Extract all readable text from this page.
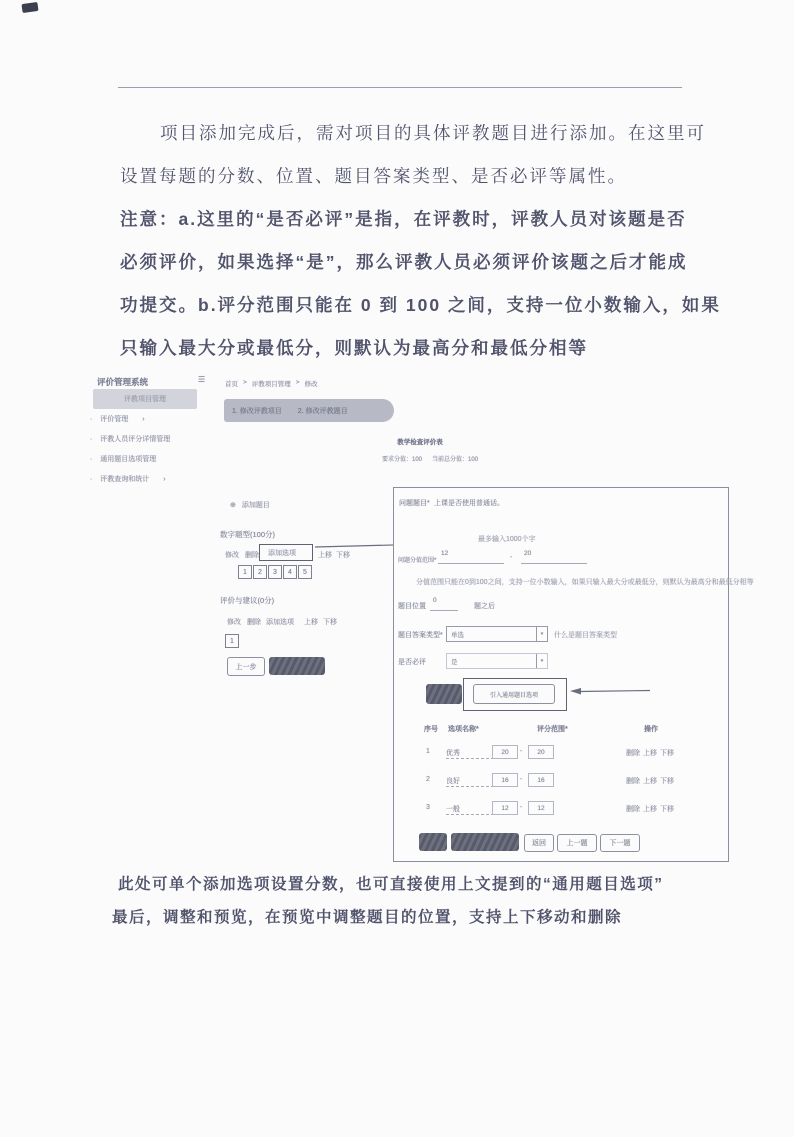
项目添加完成后，需对项目的具体评教题目进行添加。在这里可
设置每题的分数、位置、题目答案类型、是否必评等属性。
注意：a.这里的“是否必评”是指，在评教时，评教人员对该题是否
必须评价，如果选择“是”，那么评教人员必须评价该题之后才能成
功提交。b.评分范围只能在 0 到 100 之间，支持一位小数输入，如果
只输入最大分或最低分，则默认为最高分和最低分相等
评价管理系统	☰
评教项目管理
· 评价管理 ›
· 评教人员评分详情管理
· 通用题目选项管理
· 评教查询和统计 ›
首页 > 评教项目管理 > 修改
1. 修改评教项目 2. 修改评教题目
教学检查评价表
要求分值：100 当前总分值：100
⊕ 添加题目
数字题型(100分)
修改 删除 添加选项	上移 下移
1	2	3	4	5
评价与建议(0分)
修改 删除 添加选项 上移 下移
1
上一步
问题题目* 上课是否使用普通话。
最多输入1000个字
问题分值范围*
12
-
20
分值范围只能在0到100之间，支持一位小数输入，如果只输入最大分或最低分，则默认为最高分和最低分相等
题目位置
0
题之后
题目答案类型*	单选	▾	什么是题目答案类型
是否必评	是	▾
引入通用题目选项
序号 选项名称*	评分范围*	操作
1 优秀	20	-	20	删除 上移 下移
2 良好	16	-	16	删除 上移 下移
3 一般	12	-	12	删除 上移 下移
返回	上一题	下一题
此处可单个添加选项设置分数，也可直接使用上文提到的“通用题目选项”
最后，调整和预览，在预览中调整题目的位置，支持上下移动和删除
